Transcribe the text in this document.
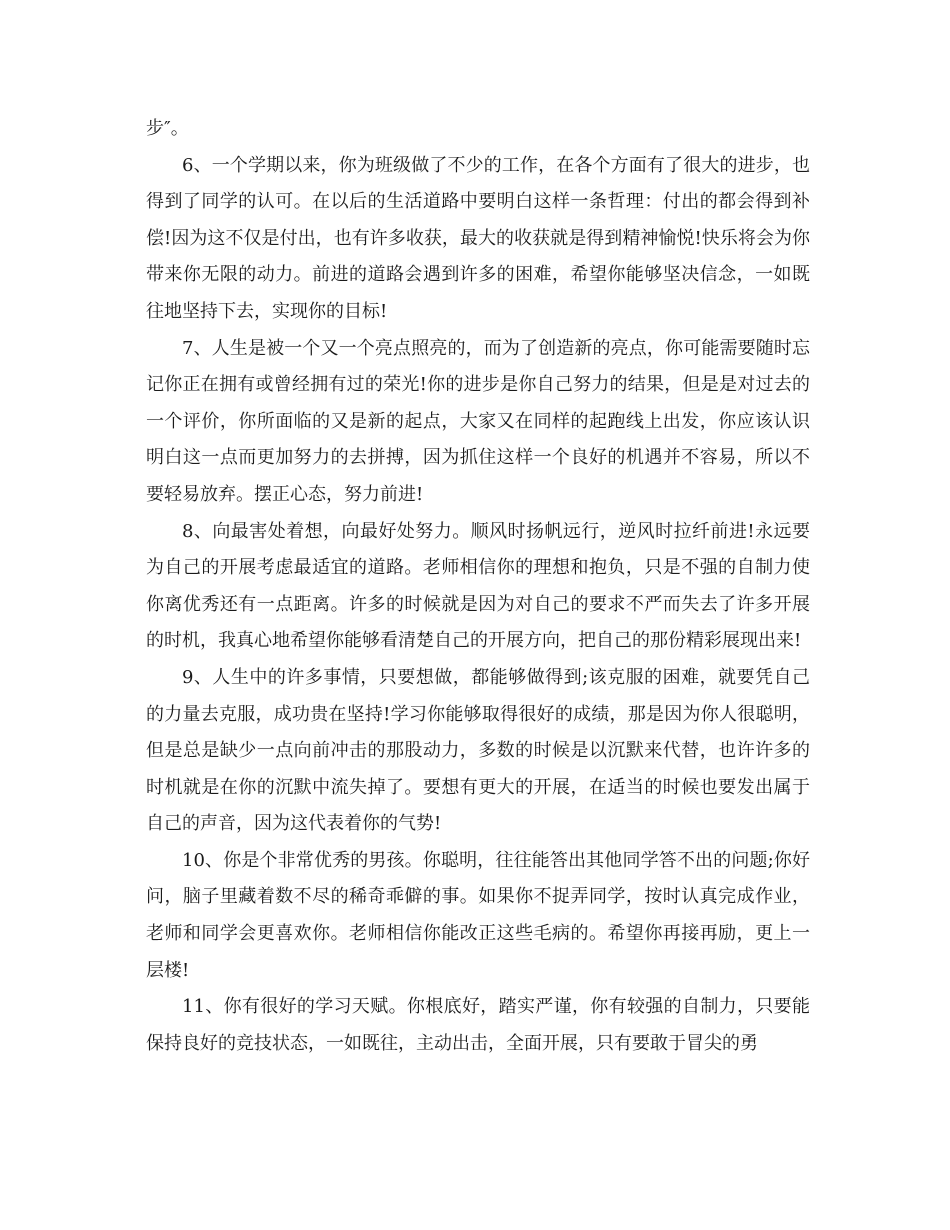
步″。

6、一个学期以来，你为班级做了不少的工作，在各个方面有了很大的进步，也得到了同学的认可。在以后的生活道路中要明白这样一条哲理：付出的都会得到补偿!因为这不仅是付出，也有许多收获，最大的收获就是得到精神愉悦!快乐将会为你带来你无限的动力。前进的道路会遇到许多的困难，希望你能够坚决信念，一如既往地坚持下去，实现你的目标!

7、人生是被一个又一个亮点照亮的，而为了创造新的亮点，你可能需要随时忘记你正在拥有或曾经拥有过的荣光!你的进步是你自己努力的结果，但是是对过去的一个评价，你所面临的又是新的起点，大家又在同样的起跑线上出发，你应该认识明白这一点而更加努力的去拼搏，因为抓住这样一个良好的机遇并不容易，所以不要轻易放弃。摆正心态，努力前进!

8、向最害处着想，向最好处努力。顺风时扬帆远行，逆风时拉纤前进!永远要为自己的开展考虑最适宜的道路。老师相信你的理想和抱负，只是不强的自制力使你离优秀还有一点距离。许多的时候就是因为对自己的要求不严而失去了许多开展的时机，我真心地希望你能够看清楚自己的开展方向，把自己的那份精彩展现出来!

9、人生中的许多事情，只要想做，都能够做得到;该克服的困难，就要凭自己的力量去克服，成功贵在坚持!学习你能够取得很好的成绩，那是因为你人很聪明，但是总是缺少一点向前冲击的那股动力，多数的时候是以沉默来代替，也许许多的时机就是在你的沉默中流失掉了。要想有更大的开展，在适当的时候也要发出属于自己的声音，因为这代表着你的气势!

10、你是个非常优秀的男孩。你聪明，往往能答出其他同学答不出的问题;你好问，脑子里藏着数不尽的稀奇乖僻的事。如果你不捉弄同学，按时认真完成作业，老师和同学会更喜欢你。老师相信你能改正这些毛病的。希望你再接再励，更上一层楼!

11、你有很好的学习天赋。你根底好，踏实严谨，你有较强的自制力，只要能保持良好的竞技状态，一如既往，主动出击，全面开展，只有要敢于冒尖的勇
